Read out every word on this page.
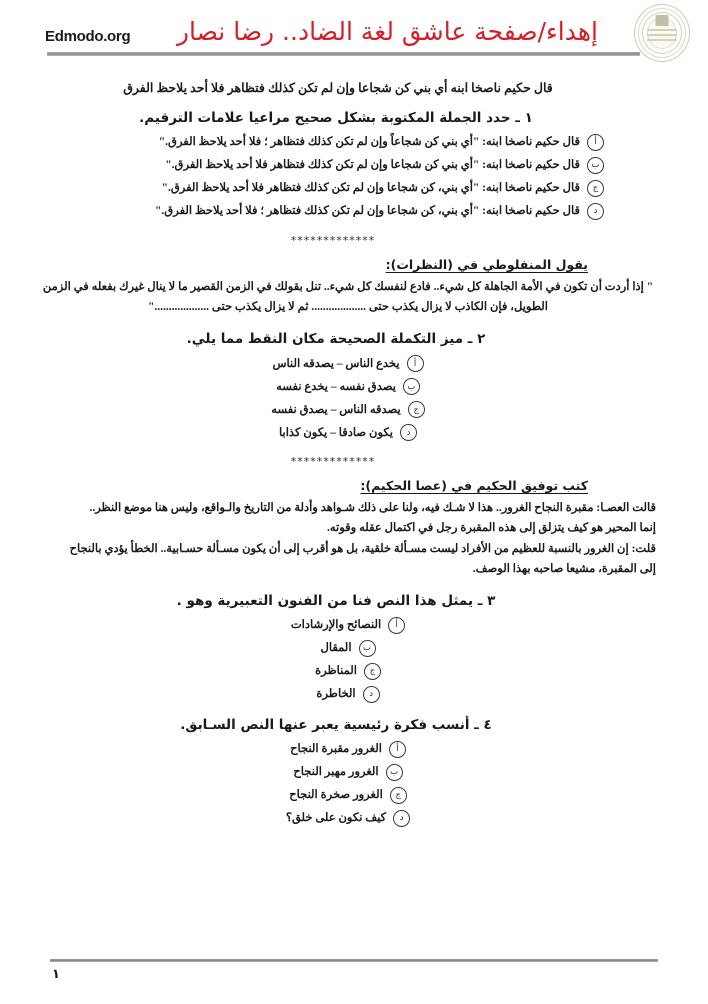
Edmodo.org إهداء/صفحة عاشق لغة الضاد.. رضا نصار
قال حكيم ناصخا ابنه أي بني كن شجاعا وإن لم تكن كذلك فتظاهر فلا أحد يلاحظ الفرق
١ ـ حدد الجملة المكتوبة بشكل صحيح مراعيا علامات الترقيم.
أ
قال حكيم ناصخا ابنه: "أي بني كن شجاعاً وإن لم تكن كذلك فتظاهر ؛ فلا أحد يلاحظ الفرق."
ب
قال حكيم ناصخا ابنه: "أي بني كن شجاعا وإن لم تكن كذلك فتظاهر فلا أحد يلاحظ الفرق."
ج
قال حكيم ناصخا ابنه: "أي بني، كن شجاعا وإن لم تكن كذلك فتظاهر فلا أحد يلاحظ الفرق."
د
قال حكيم ناصخا ابنه: "أي بني، كن شجاعا وإن لم تكن كذلك فتظاهر ؛ فلا أحد يلاحظ الفرق."
*************
يقول المنفلوطي في (النظرات):

" إذا أردت أن تكون في الأمة الجاهلة كل شيء.. فادع لنفسك كل شيء.. تنل بقولك في الزمن القصير ما لا ينال غيرك بفعله في الزمن

الطويل، فإن الكاذب لا يزال يكذب حتى ................... ثم لا يزال يكذب حتى ..................."

٢ ـ ميز التكملة الصحيحة مكان النقط مما يلي.
أ
يخدع الناس – يصدقه الناس
ب
يصدق نفسه – يخدع نفسه
ج
يصدقه الناس – يصدق نفسه
د
يكون صادقا – يكون كذابا
*************
كتب توفيق الحكيم في (عصا الحكيم):

قالت العصـا: مقبرة النجاح الغرور.. هذا لا شـك فيه، ولنا على ذلك شـواهد وأدلة من التاريخ والـواقع، وليس هنا موضع النظر..

إنما المحير هو كيف يتزلق إلى هذه المقبرة رجل في اكتمال عقله وقوته.

قلت: إن الغرور بالنسبة للعظيم من الأفراد ليست مسـألة خلقية، بل هو أقرب إلى أن يكون مسـألة حسـابية.. الخطأ يؤدي بالنجاح

إلى المقبرة، مشيعا صاحبه بهذا الوصف.

٣ ـ يمثل هذا النص فنا من الفنون التعبيرية وهو .
أ
النصائح والإرشادات
ب
المقال
ج
المناظرة
د
الخاطرة
٤ ـ أنسب فكرة رئيسية يعبر عنها النص السـابق.
أ
الغرور مقبرة النجاح
ب
الغرور مهبر النجاح
ج
الغرور صخرة النجاح
د
كيف نكون على خلق؟
١
